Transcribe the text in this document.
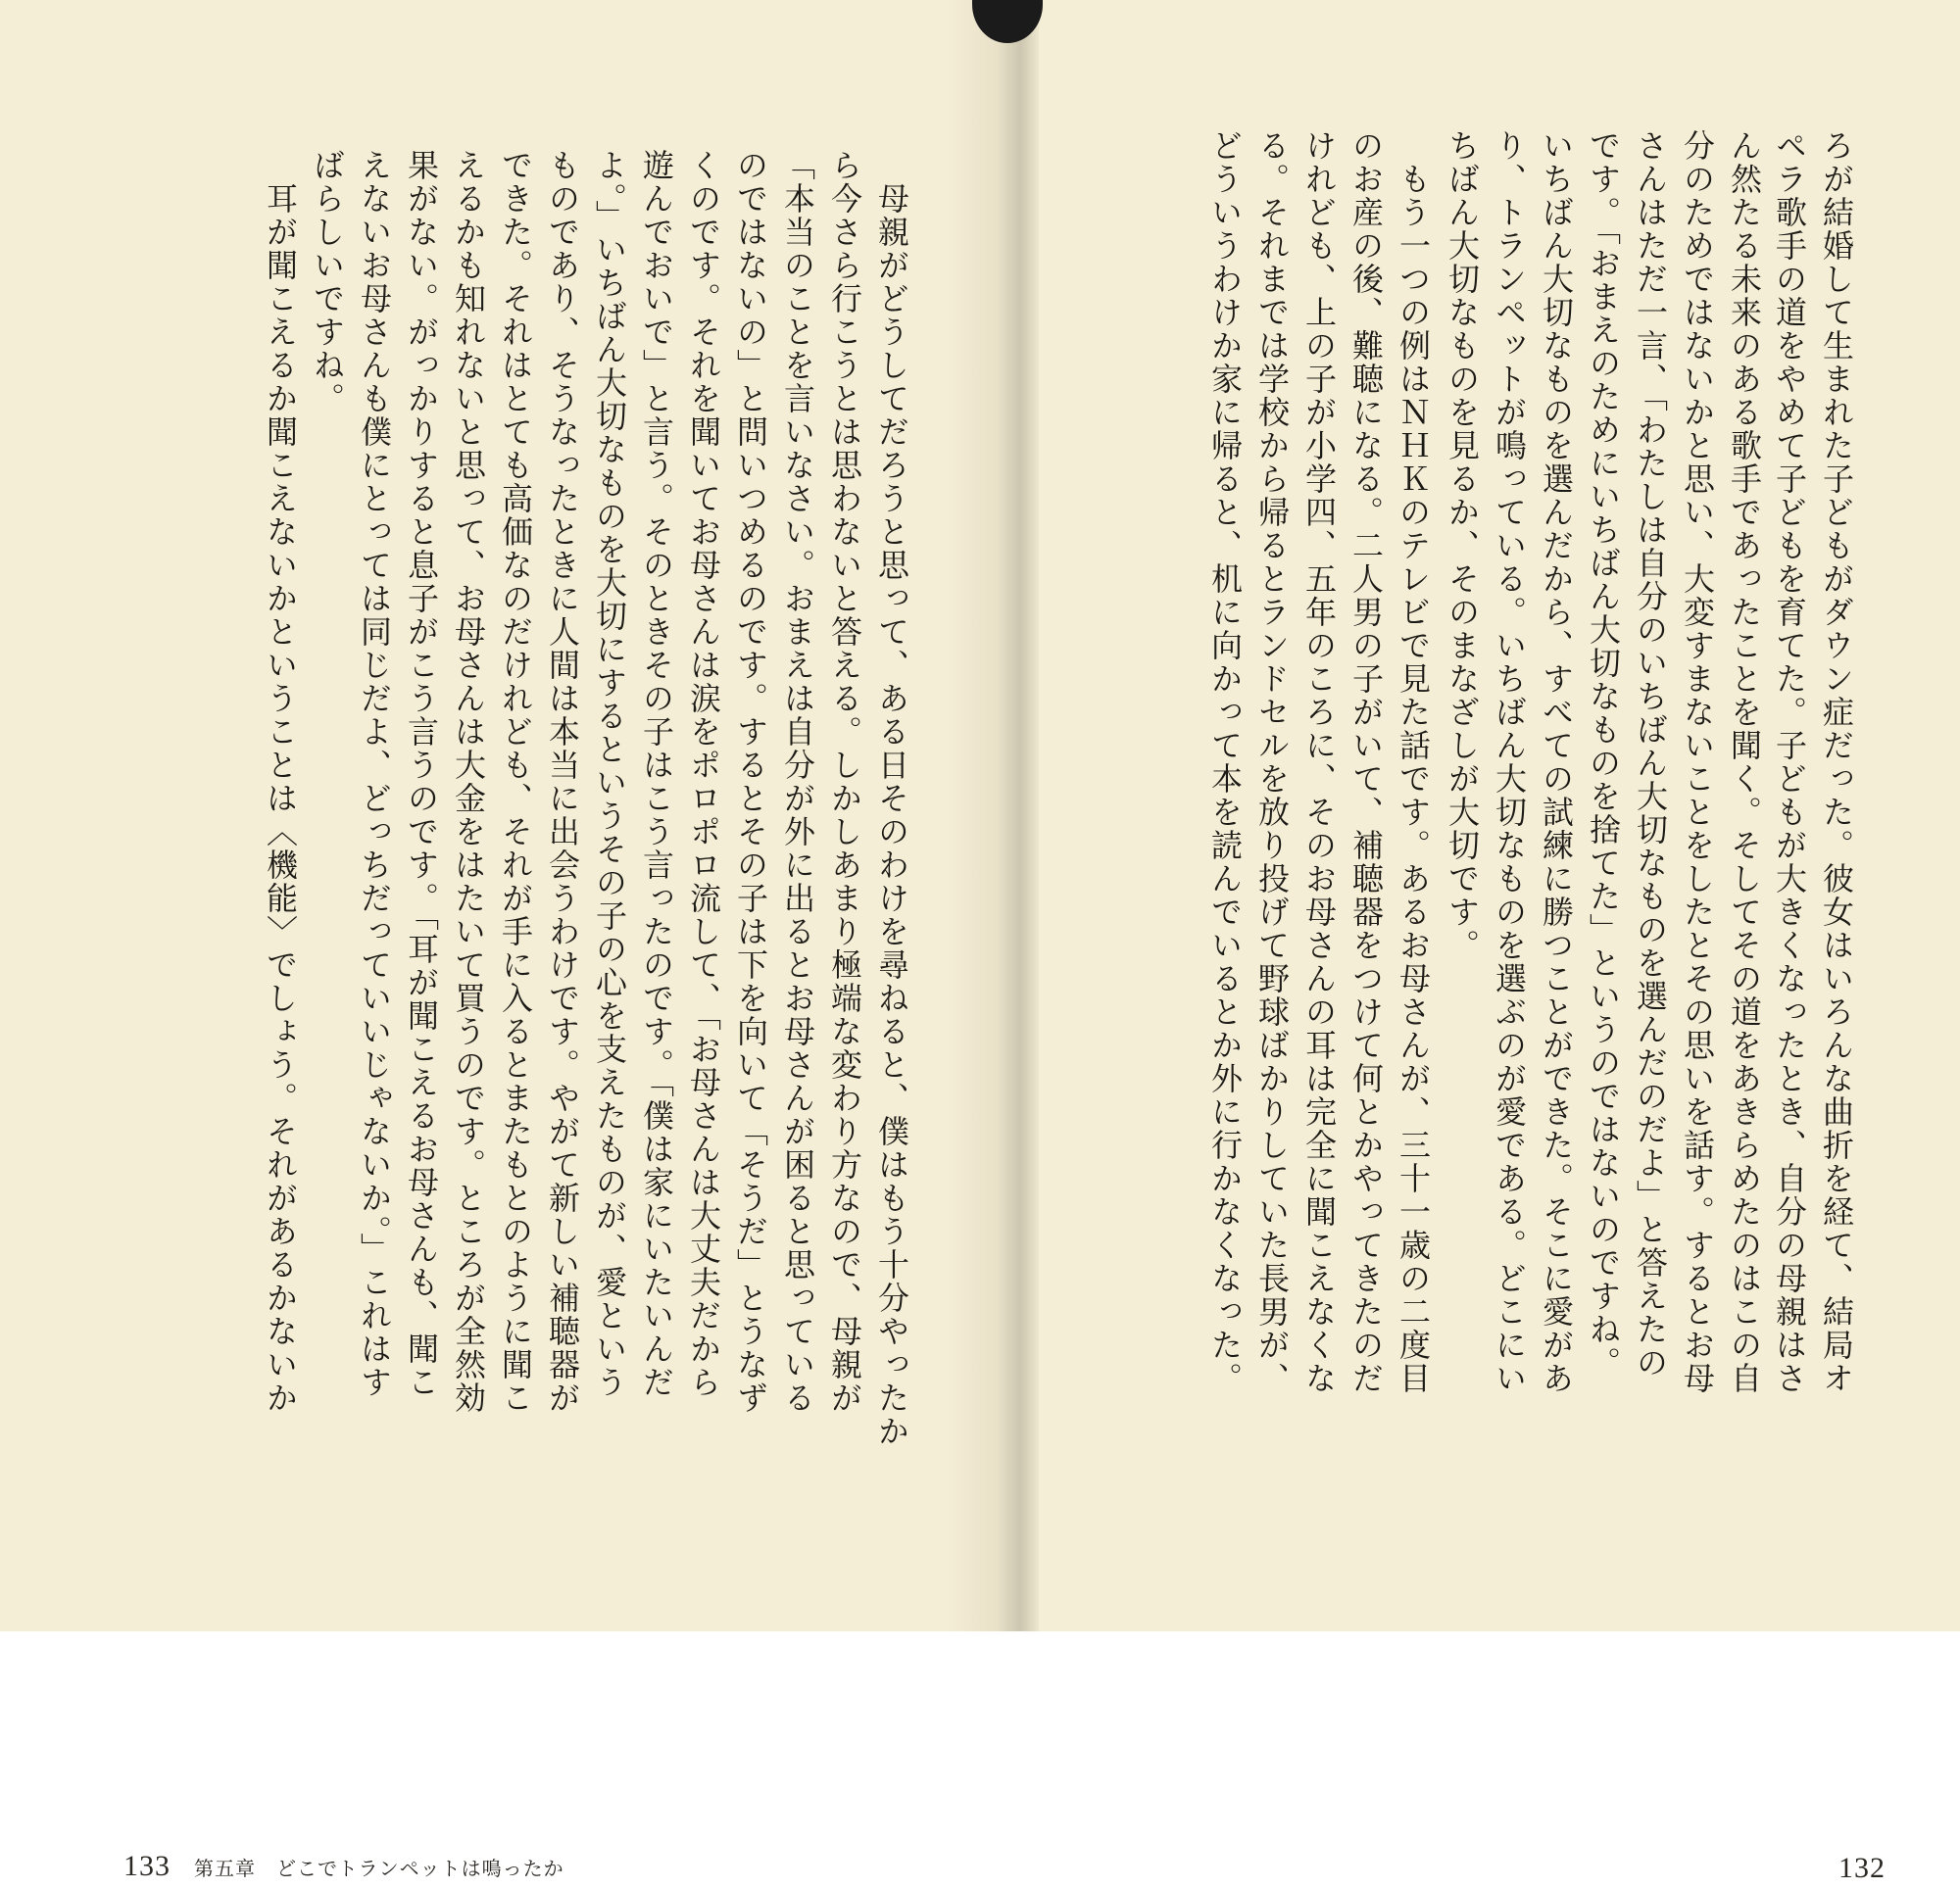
ろが結婚して生まれた子どもがダウン症だった。彼女はいろんな曲折を経て、結局オ
ペラ歌手の道をやめて子どもを育てた。子どもが大きくなったとき、自分の母親はさ
ん然たる未来のある歌手であったことを聞く。そしてその道をあきらめたのはこの自
分のためではないかと思い、大変すまないことをしたとその思いを話す。するとお母
さんはただ一言、「わたしは自分のいちばん大切なものを選んだのだよ」と答えたの
です。「おまえのためにいちばん大切なものを捨てた」というのではないのですね。
いちばん大切なものを選んだから、すべての試練に勝つことができた。そこに愛があ
り、トランペットが鳴っている。いちばん大切なものを選ぶのが愛である。どこにい
ちばん大切なものを見るか、そのまなざしが大切です。
　もう一つの例はＮＨＫのテレビで見た話です。あるお母さんが、三十一歳の二度目
のお産の後、難聴になる。二人男の子がいて、補聴器をつけて何とかやってきたのだ
けれども、上の子が小学四、五年のころに、そのお母さんの耳は完全に聞こえなくな
る。それまでは学校から帰るとランドセルを放り投げて野球ばかりしていた長男が、
どういうわけか家に帰ると、机に向かって本を読んでいるとか外に行かなくなった。
　母親がどうしてだろうと思って、ある日そのわけを尋ねると、僕はもう十分やったか
ら今さら行こうとは思わないと答える。しかしあまり極端な変わり方なので、母親が
「本当のことを言いなさい。おまえは自分が外に出るとお母さんが困ると思っている
のではないの」と問いつめるのです。するとその子は下を向いて「そうだ」とうなず
くのです。それを聞いてお母さんは涙をポロポロ流して、「お母さんは大丈夫だから
遊んでおいで」と言う。そのときその子はこう言ったのです。「僕は家にいたいんだ
よ。」いちばん大切なものを大切にするというその子の心を支えたものが、愛という
ものであり、そうなったときに人間は本当に出会うわけです。やがて新しい補聴器が
できた。それはとても高価なのだけれども、それが手に入るとまたもとのように聞こ
えるかも知れないと思って、お母さんは大金をはたいて買うのです。ところが全然効
果がない。がっかりすると息子がこう言うのです。「耳が聞こえるお母さんも、聞こ
えないお母さんも僕にとっては同じだよ、どっちだっていいじゃないか。」これはす
ばらしいですね。
　耳が聞こえるか聞こえないかということは〈機能〉でしょう。それがあるかないか
133 第五章　どこでトランペットは鳴ったか	132
